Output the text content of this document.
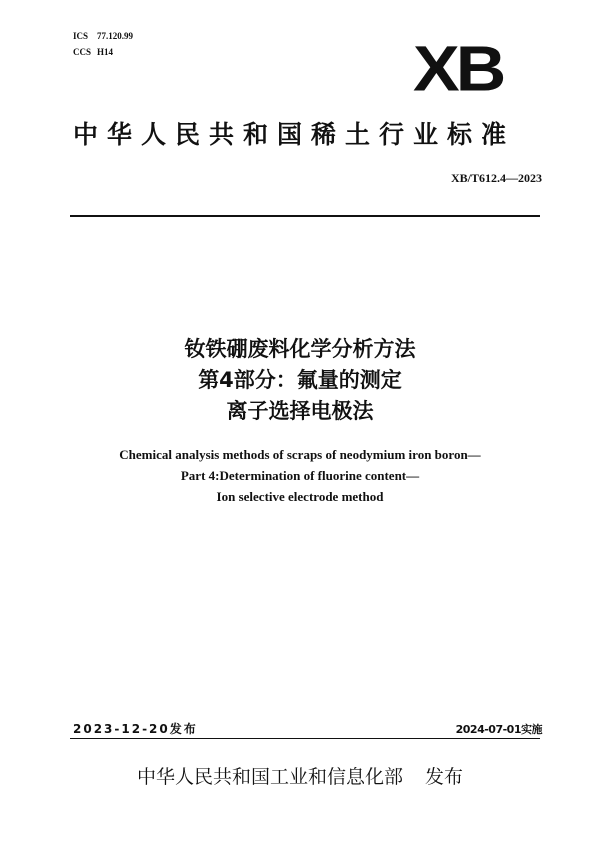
ICS 77.120.99
CCS H14	XB
中华人民共和国稀土行业标准
XB/T612.4—2023
钕铁硼废料化学分析方法
第4部分：氟量的测定
离子选择电极法
Chemical analysis methods of scraps of neodymium iron boron—
Part 4:Determination of fluorine content—
Ion selective electrode method
2023-12-20发布	2024-07-01实施
中华人民共和国工业和信息化部 发布
